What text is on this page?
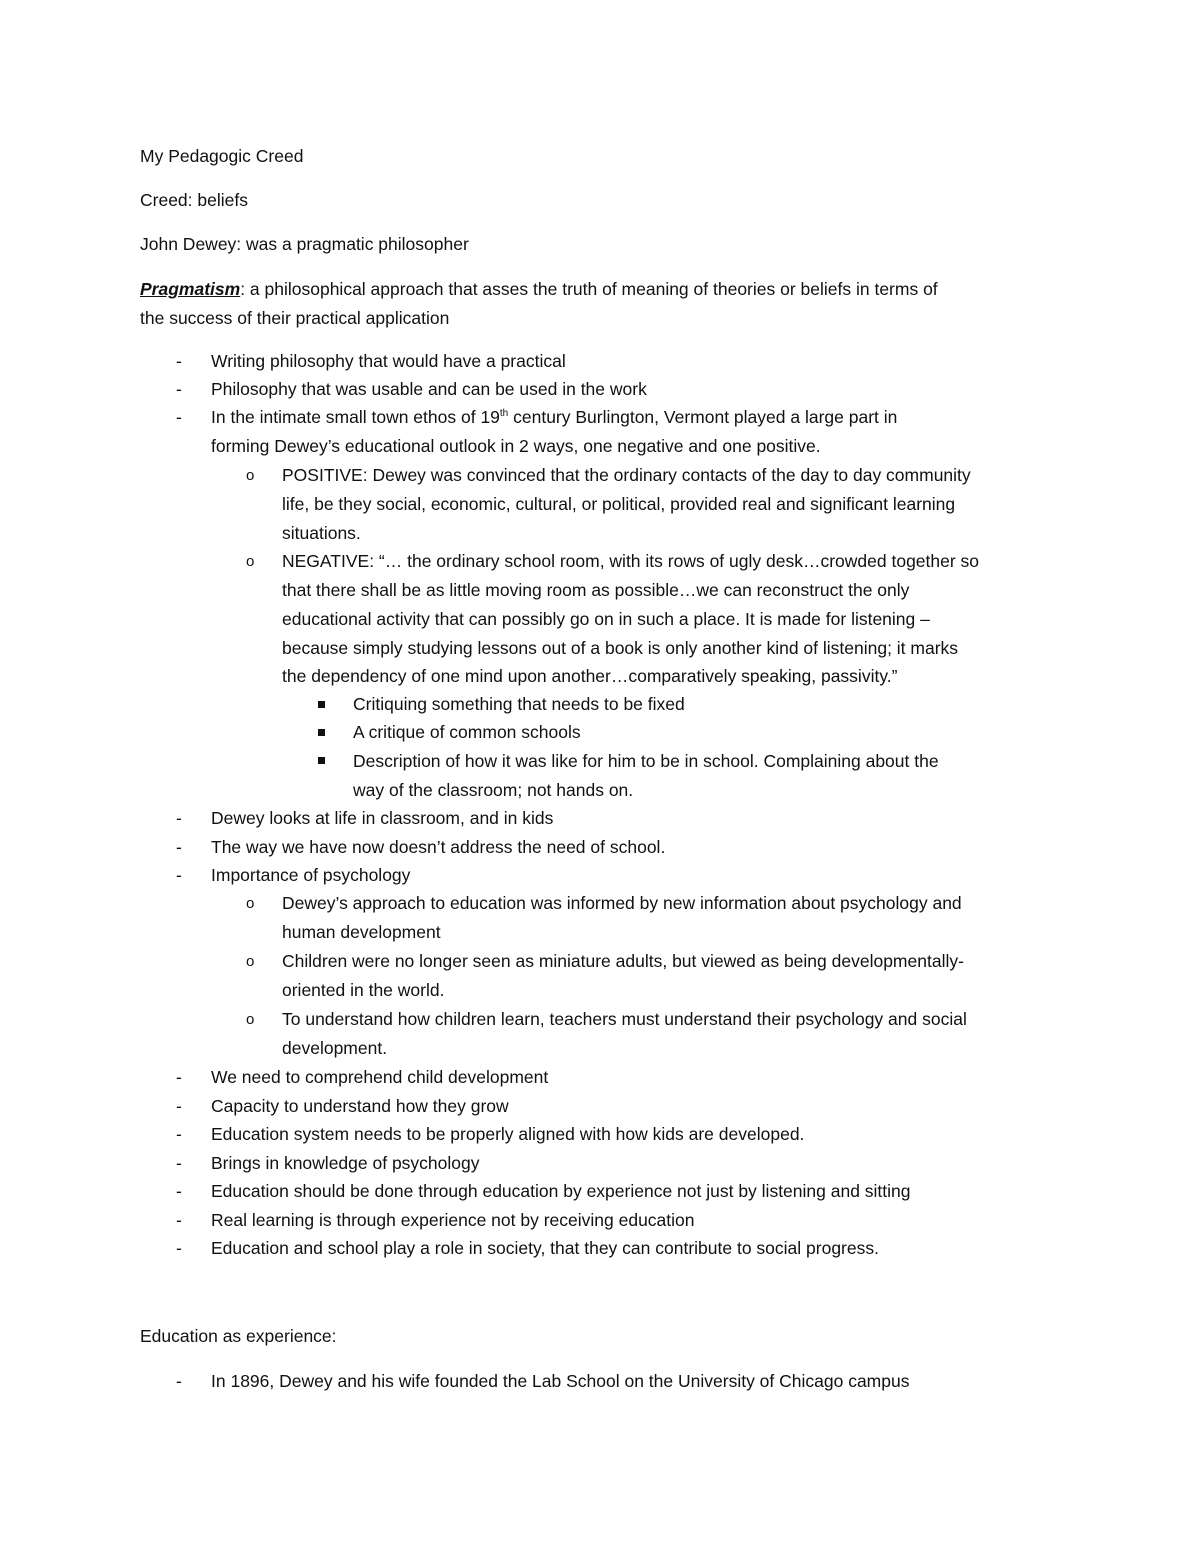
My Pedagogic Creed
Creed: beliefs
John Dewey: was a pragmatic philosopher
Pragmatism: a philosophical approach that asses the truth of meaning of theories or beliefs in terms of
the success of their practical application
- Writing philosophy that would have a practical
- Philosophy that was usable and can be used in the work
- In the intimate small town ethos of 19th century Burlington, Vermont played a large part in
forming Dewey’s educational outlook in 2 ways, one negative and one positive.
o POSITIVE: Dewey was convinced that the ordinary contacts of the day to day community
life, be they social, economic, cultural, or political, provided real and significant learning
situations.
o NEGATIVE: “… the ordinary school room, with its rows of ugly desk…crowded together so
that there shall be as little moving room as possible…we can reconstruct the only
educational activity that can possibly go on in such a place. It is made for listening –
because simply studying lessons out of a book is only another kind of listening; it marks
the dependency of one mind upon another…comparatively speaking, passivity.”
Critiquing something that needs to be fixed
A critique of common schools
Description of how it was like for him to be in school. Complaining about the
way of the classroom; not hands on.
- Dewey looks at life in classroom, and in kids
- The way we have now doesn’t address the need of school.
- Importance of psychology
o Dewey’s approach to education was informed by new information about psychology and
human development
o Children were no longer seen as miniature adults, but viewed as being developmentally-
oriented in the world.
o To understand how children learn, teachers must understand their psychology and social
development.
- We need to comprehend child development
- Capacity to understand how they grow
- Education system needs to be properly aligned with how kids are developed.
- Brings in knowledge of psychology
- Education should be done through education by experience not just by listening and sitting
- Real learning is through experience not by receiving education
- Education and school play a role in society, that they can contribute to social progress.
Education as experience:
- In 1896, Dewey and his wife founded the Lab School on the University of Chicago campus
